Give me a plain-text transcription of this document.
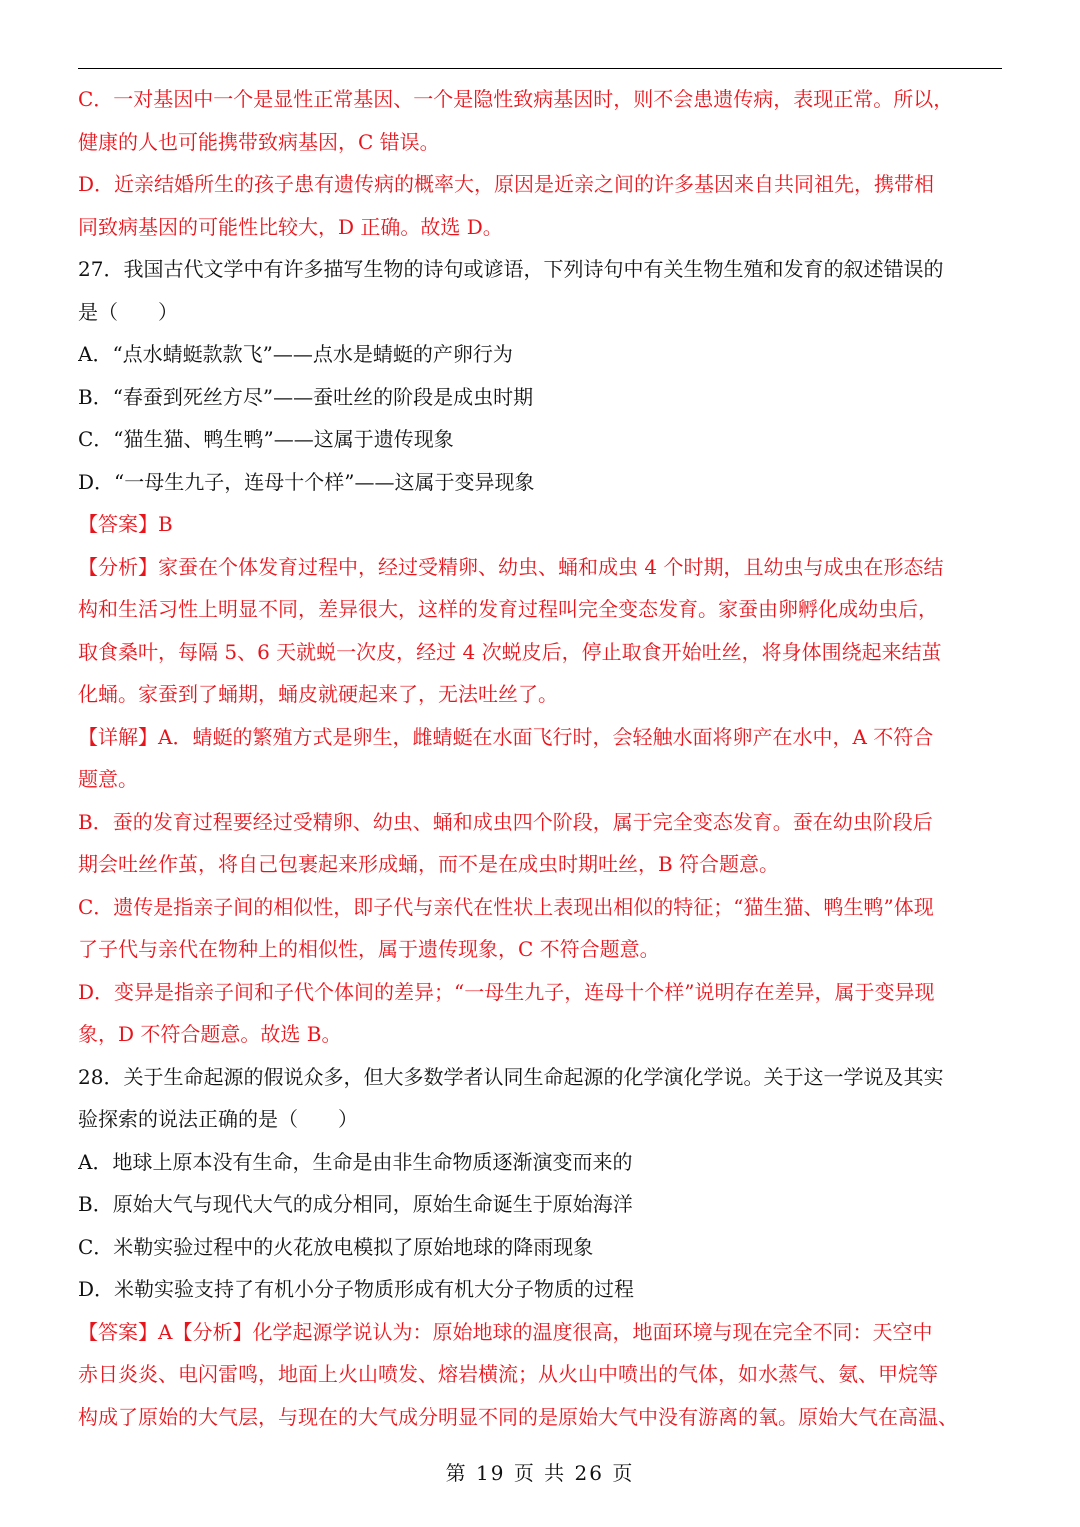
C．一对基因中一个是显性正常基因、一个是隐性致病基因时，则不会患遗传病，表现正常。所以，
健康的人也可能携带致病基因，C 错误。
D．近亲结婚所生的孩子患有遗传病的概率大，原因是近亲之间的许多基因来自共同祖先，携带相
同致病基因的可能性比较大，D 正确。故选 D。
27．我国古代文学中有许多描写生物的诗句或谚语，下列诗句中有关生物生殖和发育的叙述错误的
是（　　）
A．“点水蜻蜓款款飞”——点水是蜻蜓的产卵行为
B．“春蚕到死丝方尽”——蚕吐丝的阶段是成虫时期
C．“猫生猫、鸭生鸭”——这属于遗传现象
D．“一母生九子，连母十个样”——这属于变异现象
【答案】B
【分析】家蚕在个体发育过程中，经过受精卵、幼虫、蛹和成虫 4 个时期，且幼虫与成虫在形态结
构和生活习性上明显不同，差异很大，这样的发育过程叫完全变态发育。家蚕由卵孵化成幼虫后，
取食桑叶，每隔 5、6 天就蜕一次皮，经过 4 次蜕皮后，停止取食开始吐丝，将身体围绕起来结茧
化蛹。家蚕到了蛹期，蛹皮就硬起来了，无法吐丝了。
【详解】A．蜻蜓的繁殖方式是卵生，雌蜻蜓在水面飞行时，会轻触水面将卵产在水中，A 不符合
题意。
B．蚕的发育过程要经过受精卵、幼虫、蛹和成虫四个阶段，属于完全变态发育。蚕在幼虫阶段后
期会吐丝作茧，将自己包裹起来形成蛹，而不是在成虫时期吐丝，B 符合题意。
C．遗传是指亲子间的相似性，即子代与亲代在性状上表现出相似的特征；“猫生猫、鸭生鸭”体现
了子代与亲代在物种上的相似性，属于遗传现象，C 不符合题意。
D．变异是指亲子间和子代个体间的差异；“一母生九子，连母十个样”说明存在差异，属于变异现
象，D 不符合题意。故选 B。
28．关于生命起源的假说众多，但大多数学者认同生命起源的化学演化学说。关于这一学说及其实
验探索的说法正确的是（　　）
A．地球上原本没有生命，生命是由非生命物质逐渐演变而来的
B．原始大气与现代大气的成分相同，原始生命诞生于原始海洋
C．米勒实验过程中的火花放电模拟了原始地球的降雨现象
D．米勒实验支持了有机小分子物质形成有机大分子物质的过程
【答案】A【分析】化学起源学说认为：原始地球的温度很高，地面环境与现在完全不同：天空中
赤日炎炎、电闪雷鸣，地面上火山喷发、熔岩横流；从火山中喷出的气体，如水蒸气、氨、甲烷等
构成了原始的大气层，与现在的大气成分明显不同的是原始大气中没有游离的氧。原始大气在高温、
第 19 页 共 26 页
